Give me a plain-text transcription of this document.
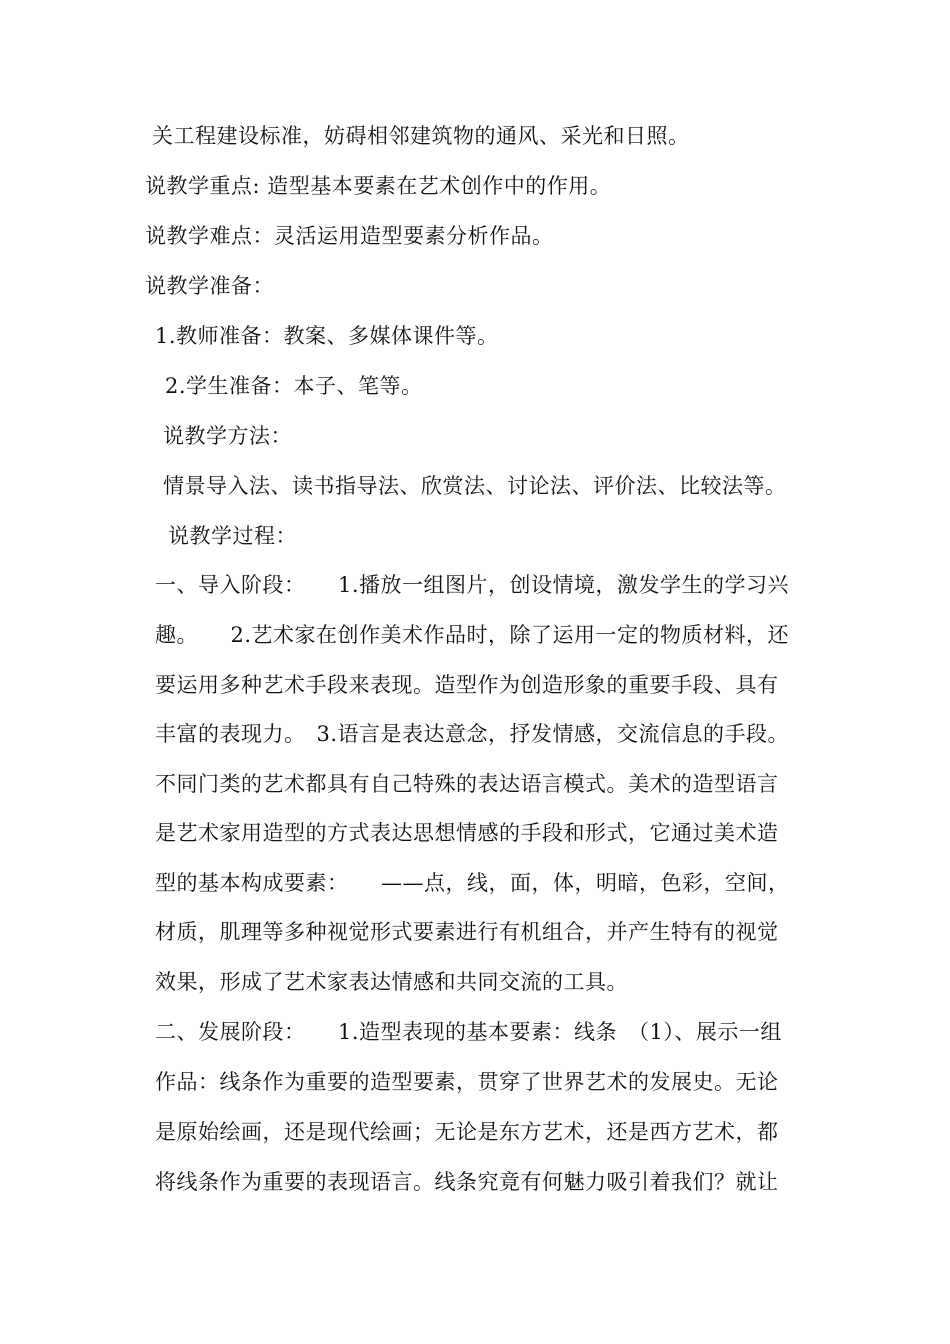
关工程建设标准，妨碍相邻建筑物的通风、采光和日照。
说教学重点: 造型基本要素在艺术创作中的作用。
说教学难点：灵活运用造型要素分析作品。
说教学准备：
1.教师准备：教案、多媒体课件等。
2.学生准备：本子、笔等。
说教学方法：
情景导入法、读书指导法、欣赏法、讨论法、评价法、比较法等。
说教学过程：
一、导入阶段：　　1.播放一组图片，创设情境，激发学生的学习兴
趣。　　2.艺术家在创作美术作品时，除了运用一定的物质材料，还
要运用多种艺术手段来表现。造型作为创造形象的重要手段、具有
丰富的表现力。　3.语言是表达意念，抒发情感，交流信息的手段。
不同门类的艺术都具有自己特殊的表达语言模式。美术的造型语言
是艺术家用造型的方式表达思想情感的手段和形式，它通过美术造
型的基本构成要素：　　——点，线，面，体，明暗，色彩，空间，
材质，肌理等多种视觉形式要素进行有机组合，并产生特有的视觉
效果，形成了艺术家表达情感和共同交流的工具。
二、发展阶段：　　1.造型表现的基本要素：线条　（1）、展示一组
作品：线条作为重要的造型要素，贯穿了世界艺术的发展史。无论
是原始绘画，还是现代绘画；无论是东方艺术，还是西方艺术，都
将线条作为重要的表现语言。线条究竟有何魅力吸引着我们？就让
